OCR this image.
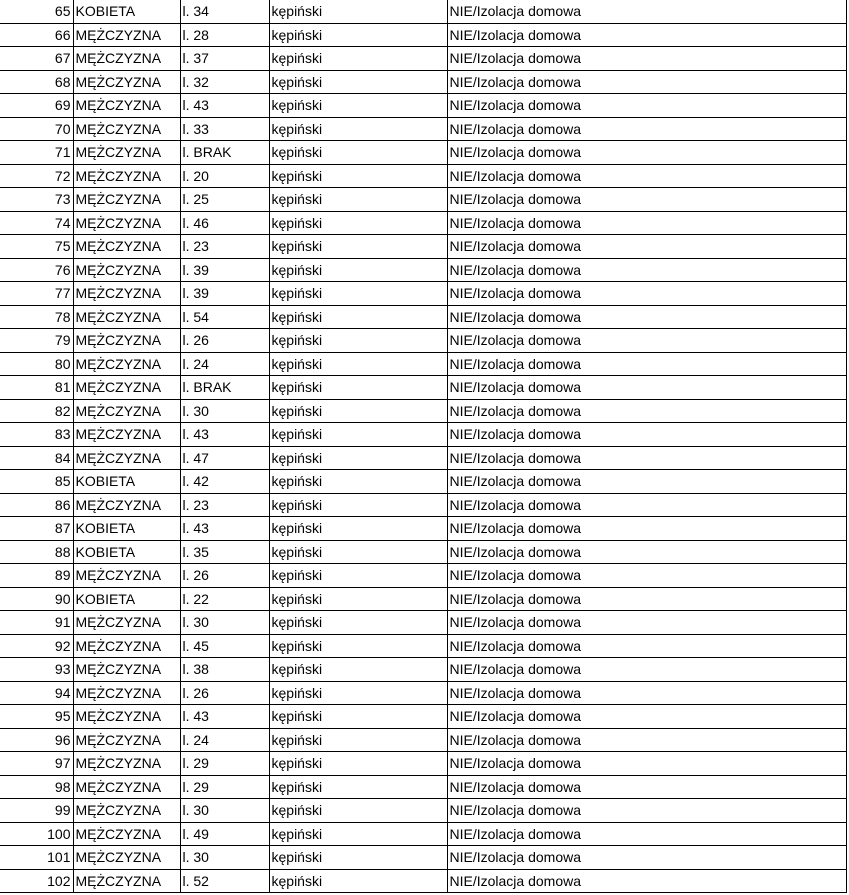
65	KOBIETA	l. 34	kępiński	NIE/Izolacja domowa
66	MĘŻCZYZNA	l. 28	kępiński	NIE/Izolacja domowa
67	MĘŻCZYZNA	l. 37	kępiński	NIE/Izolacja domowa
68	MĘŻCZYZNA	l. 32	kępiński	NIE/Izolacja domowa
69	MĘŻCZYZNA	l. 43	kępiński	NIE/Izolacja domowa
70	MĘŻCZYZNA	l. 33	kępiński	NIE/Izolacja domowa
71	MĘŻCZYZNA	l. BRAK	kępiński	NIE/Izolacja domowa
72	MĘŻCZYZNA	l. 20	kępiński	NIE/Izolacja domowa
73	MĘŻCZYZNA	l. 25	kępiński	NIE/Izolacja domowa
74	MĘŻCZYZNA	l. 46	kępiński	NIE/Izolacja domowa
75	MĘŻCZYZNA	l. 23	kępiński	NIE/Izolacja domowa
76	MĘŻCZYZNA	l. 39	kępiński	NIE/Izolacja domowa
77	MĘŻCZYZNA	l. 39	kępiński	NIE/Izolacja domowa
78	MĘŻCZYZNA	l. 54	kępiński	NIE/Izolacja domowa
79	MĘŻCZYZNA	l. 26	kępiński	NIE/Izolacja domowa
80	MĘŻCZYZNA	l. 24	kępiński	NIE/Izolacja domowa
81	MĘŻCZYZNA	l. BRAK	kępiński	NIE/Izolacja domowa
82	MĘŻCZYZNA	l. 30	kępiński	NIE/Izolacja domowa
83	MĘŻCZYZNA	l. 43	kępiński	NIE/Izolacja domowa
84	MĘŻCZYZNA	l. 47	kępiński	NIE/Izolacja domowa
85	KOBIETA	l. 42	kępiński	NIE/Izolacja domowa
86	MĘŻCZYZNA	l. 23	kępiński	NIE/Izolacja domowa
87	KOBIETA	l. 43	kępiński	NIE/Izolacja domowa
88	KOBIETA	l. 35	kępiński	NIE/Izolacja domowa
89	MĘŻCZYZNA	l. 26	kępiński	NIE/Izolacja domowa
90	KOBIETA	l. 22	kępiński	NIE/Izolacja domowa
91	MĘŻCZYZNA	l. 30	kępiński	NIE/Izolacja domowa
92	MĘŻCZYZNA	l. 45	kępiński	NIE/Izolacja domowa
93	MĘŻCZYZNA	l. 38	kępiński	NIE/Izolacja domowa
94	MĘŻCZYZNA	l. 26	kępiński	NIE/Izolacja domowa
95	MĘŻCZYZNA	l. 43	kępiński	NIE/Izolacja domowa
96	MĘŻCZYZNA	l. 24	kępiński	NIE/Izolacja domowa
97	MĘŻCZYZNA	l. 29	kępiński	NIE/Izolacja domowa
98	MĘŻCZYZNA	l. 29	kępiński	NIE/Izolacja domowa
99	MĘŻCZYZNA	l. 30	kępiński	NIE/Izolacja domowa
100	MĘŻCZYZNA	l. 49	kępiński	NIE/Izolacja domowa
101	MĘŻCZYZNA	l. 30	kępiński	NIE/Izolacja domowa
102	MĘŻCZYZNA	l. 52	kępiński	NIE/Izolacja domowa
